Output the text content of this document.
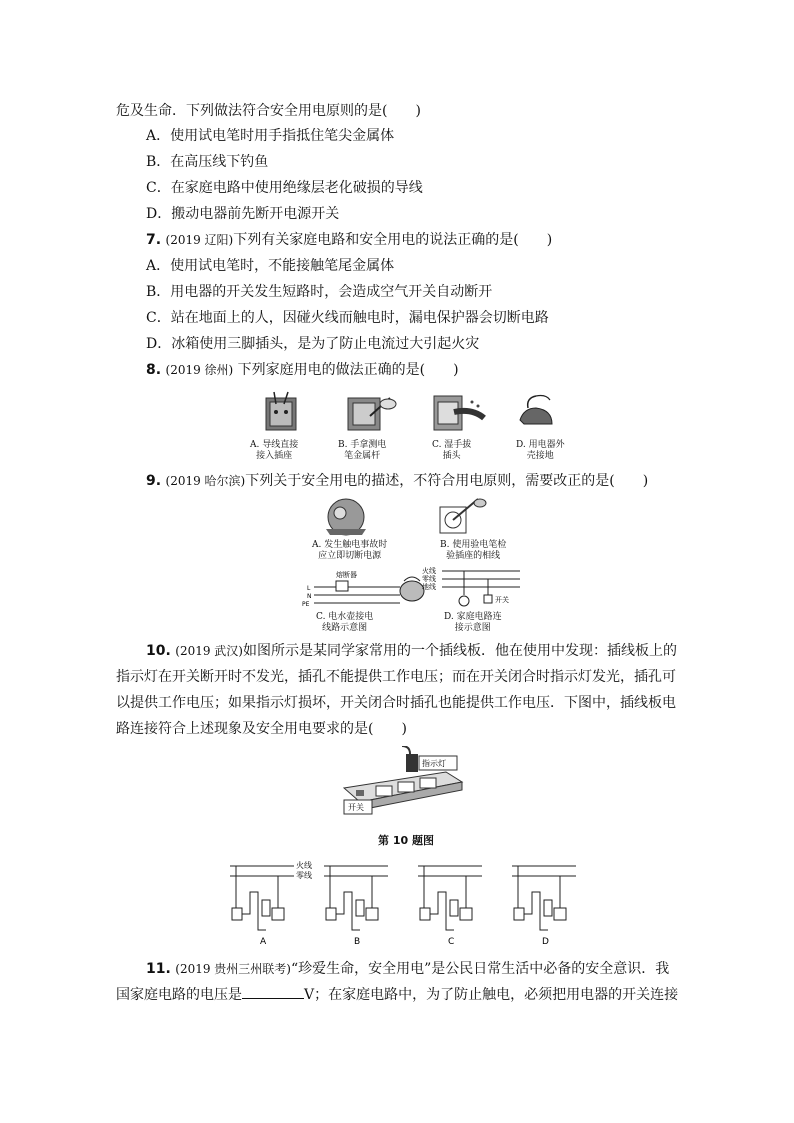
危及生命．下列做法符合安全用电原则的是(　　)
A．使用试电笔时用手指抵住笔尖金属体
B．在高压线下钓鱼
C．在家庭电路中使用绝缘层老化破损的导线
D．搬动电器前先断开电源开关
7. (2019 辽阳)下列有关家庭电路和安全用电的说法正确的是(　　)
A．使用试电笔时，不能接触笔尾金属体
B．用电器的开关发生短路时，会造成空气开关自动断开
C．站在地面上的人，因碰火线而触电时，漏电保护器会切断电路
D．冰箱使用三脚插头，是为了防止电流过大引起火灾
8. (2019 徐州) 下列家庭用电的做法正确的是(　　)
A. 导线直接
接入插座
B. 手拿测电
笔金属杆
C. 湿手拔
插头
D. 用电器外
壳接地
9. (2019 哈尔滨)下列关于安全用电的描述，不符合用电原则，需要改正的是(　　)
熔断器
L
N
PE
火线
零线
地线
开关
A. 发生触电事故时
应立即切断电源
B. 使用验电笔检
验插座的相线
C. 电水壶接电
线路示意图
D. 家庭电路连
接示意图
10. (2019 武汉)如图所示是某同学家常用的一个插线板．他在使用中发现：插线板上的
指示灯在开关断开时不发光，插孔不能提供工作电压；而在开关闭合时指示灯发光，插孔可
以提供工作电压；如果指示灯损坏，开关闭合时插孔也能提供工作电压．下图中，插线板电
路连接符合上述现象及安全用电要求的是(　　)
指示灯
开关
第 10 题图
火线
零线
A	B	C	D
11. (2019 贵州三州联考)“珍爱生命，安全用电”是公民日常生活中必备的安全意识．我
国家庭电路的电压是	V；在家庭电路中，为了防止触电，必须把用电器的开关连接
